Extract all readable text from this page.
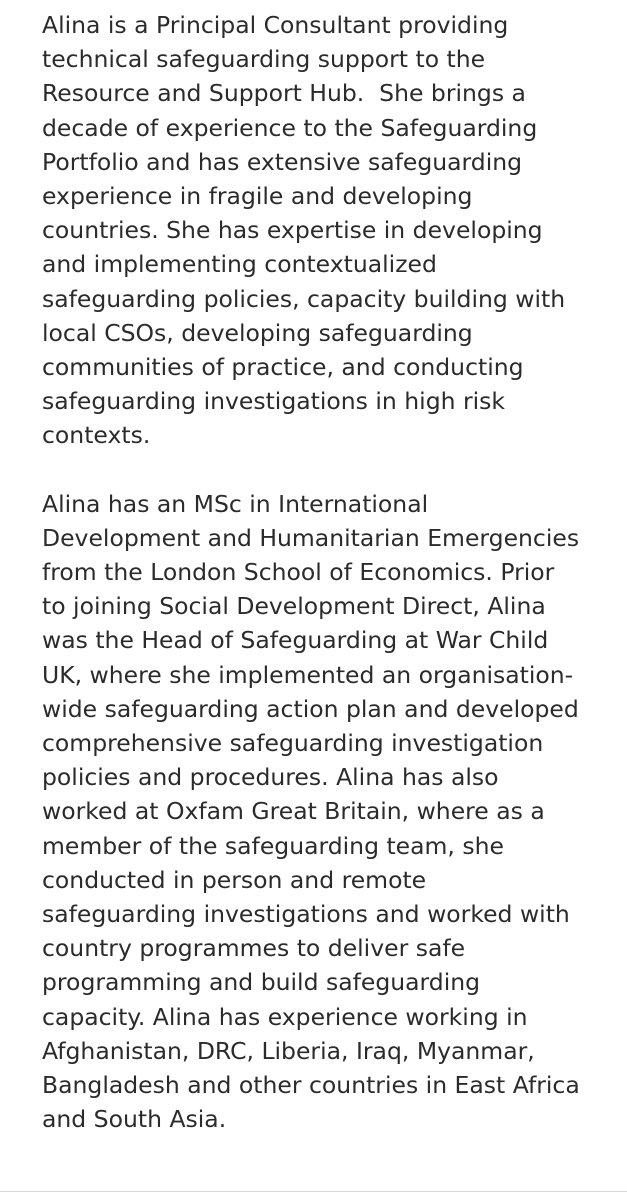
Alina is a Principal Consultant providing
technical safeguarding support to the
Resource and Support Hub.  She brings a
decade of experience to the Safeguarding
Portfolio and has extensive safeguarding
experience in fragile and developing
countries. She has expertise in developing
and implementing contextualized
safeguarding policies, capacity building with
local CSOs, developing safeguarding
communities of practice, and conducting
safeguarding investigations in high risk
contexts.

Alina has an MSc in International
Development and Humanitarian Emergencies
from the London School of Economics. Prior
to joining Social Development Direct, Alina
was the Head of Safeguarding at War Child
UK, where she implemented an organisation-
wide safeguarding action plan and developed
comprehensive safeguarding investigation
policies and procedures. Alina has also
worked at Oxfam Great Britain, where as a
member of the safeguarding team, she
conducted in person and remote
safeguarding investigations and worked with
country programmes to deliver safe
programming and build safeguarding
capacity. Alina has experience working in
Afghanistan, DRC, Liberia, Iraq, Myanmar,
Bangladesh and other countries in East Africa
and South Asia.
